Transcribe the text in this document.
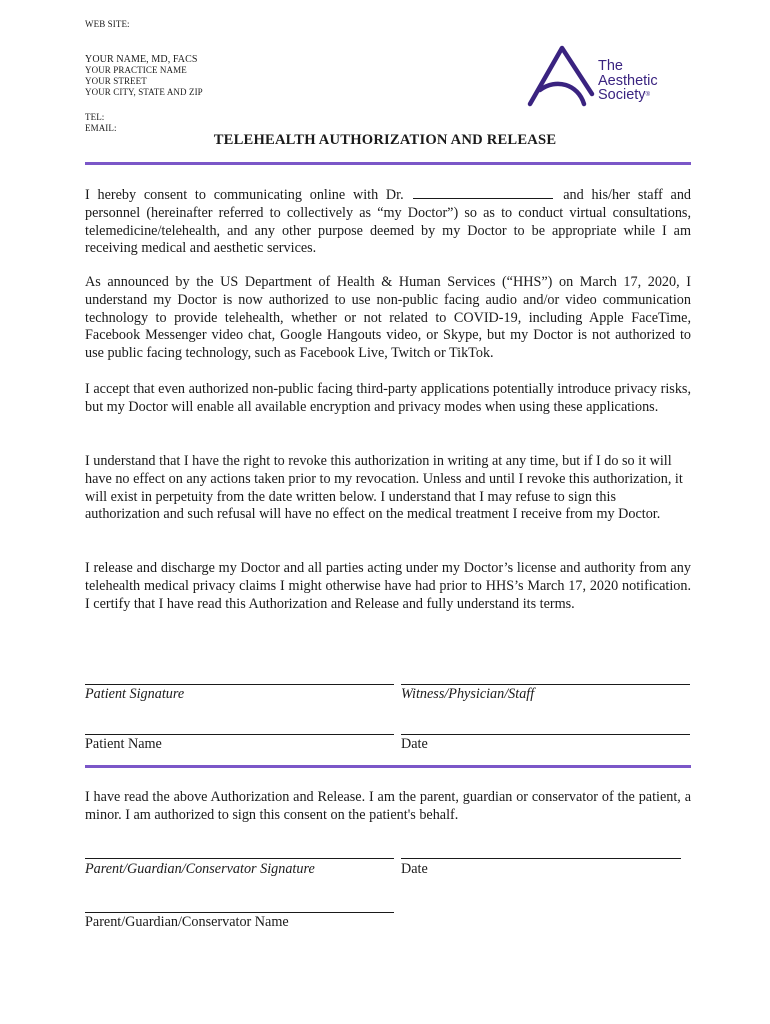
WEB SITE:
YOUR NAME, MD, FACS
YOUR PRACTICE NAME
YOUR STREET
YOUR CITY, STATE AND ZIP
TEL:
EMAIL:
The
Aesthetic
Society®
TELEHEALTH AUTHORIZATION AND RELEASE
I hereby consent to communicating online with Dr.	and his/her staff and personnel (hereinafter referred to collectively as “my Doctor”) so as to conduct virtual consultations, telemedicine/telehealth, and any other purpose deemed by my Doctor to be appropriate while I am receiving medical and aesthetic services.
As announced by the US Department of Health & Human Services (“HHS”) on March 17, 2020, I understand my Doctor is now authorized to use non-public facing audio and/or video communication technology to provide telehealth, whether or not related to COVID-19, including Apple FaceTime, Facebook Messenger video chat, Google Hangouts video, or Skype, but my Doctor is not authorized to use public facing technology, such as Facebook Live, Twitch or TikTok.
I accept that even authorized non-public facing third-party applications potentially introduce privacy risks, but my Doctor will enable all available encryption and privacy modes when using these applications.
I understand that I have the right to revoke this authorization in writing at any time, but if I do so it will have no effect on any actions taken prior to my revocation. Unless and until I revoke this authorization, it will exist in perpetuity from the date written below. I understand that I may refuse to sign this authorization and such refusal will have no effect on the medical treatment I receive from my Doctor.
I release and discharge my Doctor and all parties acting under my Doctor’s license and authority from any telehealth medical privacy claims I might otherwise have had prior to HHS’s March 17, 2020 notification. I certify that I have read this Authorization and Release and fully understand its terms.
Patient Signature	Witness/Physician/Staff
Patient Name	Date
I have read the above Authorization and Release. I am the parent, guardian or conservator of the patient, a minor. I am authorized to sign this consent on the patient's behalf.
Parent/Guardian/Conservator Signature	Date
Parent/Guardian/Conservator Name
